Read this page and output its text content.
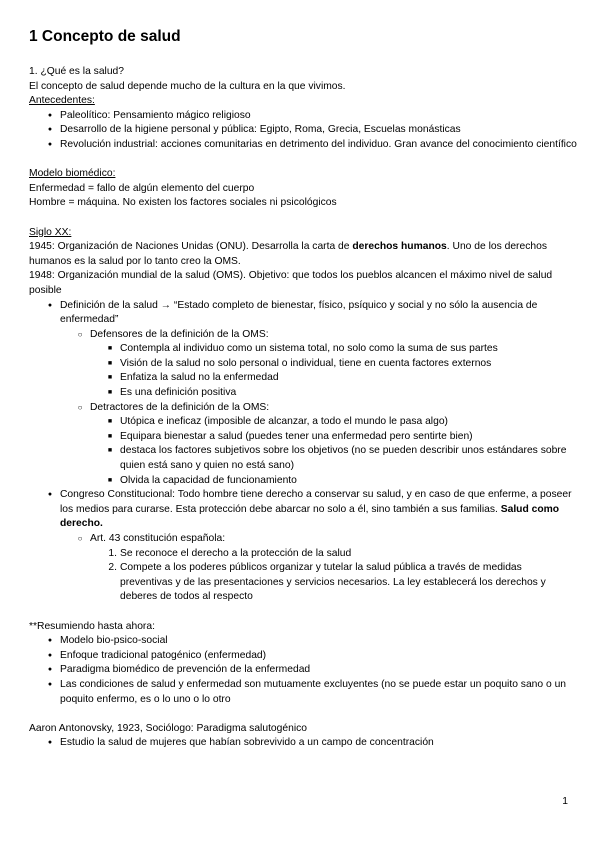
1 Concepto de salud

1. ¿Qué es la salud?

El concepto de salud depende mucho de la cultura en la que vivimos.

Antecedentes:

● Paleolítico: Pensamiento mágico religioso
● Desarrollo de la higiene personal y pública: Egipto, Roma, Grecia, Escuelas monásticas
● Revolución industrial: acciones comunitarias en detrimento del individuo. Gran avance del conocimiento científico

Modelo biomédico:

Enfermedad = fallo de algún elemento del cuerpo

Hombre = máquina. No existen los factores sociales ni psicológicos

Siglo XX:

1945: Organización de Naciones Unidas (ONU). Desarrolla la carta de derechos humanos. Uno de los derechos humanos es la salud por lo tanto creo la OMS.

1948: Organización mundial de la salud (OMS). Objetivo: que todos los pueblos alcancen el máximo nivel de salud posible

● Definición de la salud → “Estado completo de bienestar, físico, psíquico y social y no sólo la ausencia de enfermedad”
○ Defensores de la definición de la OMS:
■ Contempla al individuo como un sistema total, no solo como la suma de sus partes
■ Visión de la salud no solo personal o individual, tiene en cuenta factores externos
■ Enfatiza la salud no la enfermedad
■ Es una definición positiva
○ Detractores de la definición de la OMS:
■ Utópica e ineficaz (imposible de alcanzar, a todo el mundo le pasa algo)
■ Equipara bienestar a salud (puedes tener una enfermedad pero sentirte bien)
■ destaca los factores subjetivos sobre los objetivos (no se pueden describir unos estándares sobre quien está sano y quien no está sano)
■ Olvida la capacidad de funcionamiento
● Congreso Constitucional: Todo hombre tiene derecho a conservar su salud, y en caso de que enferme, a poseer los medios para curarse. Esta protección debe abarcar no solo a él, sino también a sus familias. Salud como derecho.
○ Art. 43 constitución española:
1. Se reconoce el derecho a la protección de la salud
2. Compete a los poderes públicos organizar y tutelar la salud pública a través de medidas preventivas y de las presentaciones y servicios necesarios. La ley establecerá los derechos y deberes de todos al respecto

**Resumiendo hasta ahora:

● Modelo bio-psico-social
● Enfoque tradicional patogénico (enfermedad)
● Paradigma biomédico de prevención de la enfermedad
● Las condiciones de salud y enfermedad son mutuamente excluyentes (no se puede estar un poquito sano o un poquito enfermo, es o lo uno o lo otro

Aaron Antonovsky, 1923, Sociólogo: Paradigma salutogénico

● Estudio la salud de mujeres que habían sobrevivido a un campo de concentración
1
